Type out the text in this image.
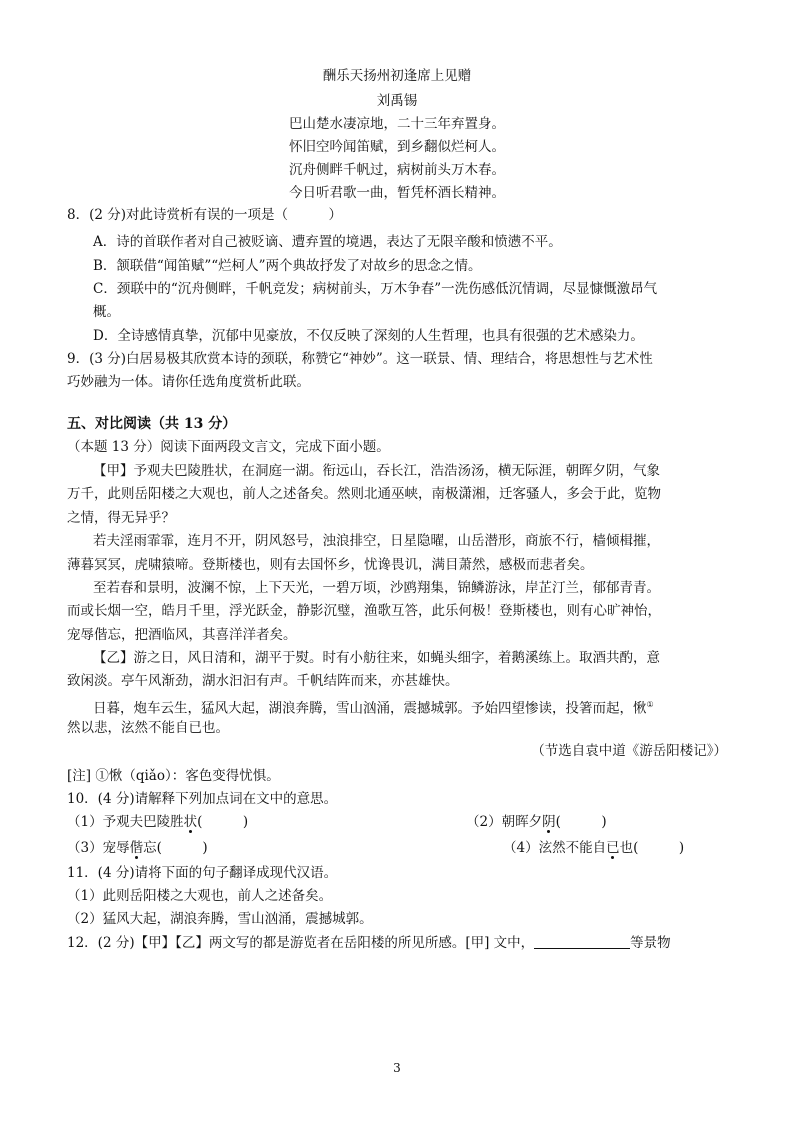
酬乐天扬州初逢席上见赠
刘禹锡
巴山楚水凄凉地，二十三年弃置身。
怀旧空吟闻笛赋，到乡翻似烂柯人。
沉舟侧畔千帆过，病树前头万木春。
今日听君歌一曲，暂凭杯酒长精神。
8．(2 分)对此诗赏析有误的一项是（　　　）
A．诗的首联作者对自己被贬谪、遭弃置的境遇，表达了无限辛酸和愤懑不平。
B．颔联借“闻笛赋”“烂柯人”两个典故抒发了对故乡的思念之情。
C．颈联中的“沉舟侧畔，千帆竞发；病树前头，万木争春”一洗伤感低沉情调，尽显慷慨激昂气
概。
D．全诗感情真挚，沉郁中见豪放，不仅反映了深刻的人生哲理，也具有很强的艺术感染力。
9．(3 分)白居易极其欣赏本诗的颈联，称赞它“神妙”。这一联景、情、理结合，将思想性与艺术性
巧妙融为一体。请你任选角度赏析此联。
五、对比阅读（共 13 分）
（本题 13 分）阅读下面两段文言文，完成下面小题。
【甲】予观夫巴陵胜状，在洞庭一湖。衔远山，吞长江，浩浩汤汤，横无际涯，朝晖夕阴，气象
万千，此则岳阳楼之大观也，前人之述备矣。然则北通巫峡，南极潇湘，迁客骚人，多会于此，览物
之情，得无异乎？
若夫淫雨霏霏，连月不开，阴风怒号，浊浪排空，日星隐曜，山岳潜形，商旅不行，樯倾楫摧，
薄暮冥冥，虎啸猿啼。登斯楼也，则有去国怀乡，忧谗畏讥，满目萧然，感极而悲者矣。
至若春和景明，波澜不惊，上下天光，一碧万顷，沙鸥翔集，锦鳞游泳，岸芷汀兰，郁郁青青。
而或长烟一空，皓月千里，浮光跃金，静影沉璧，渔歌互答，此乐何极！登斯楼也，则有心旷神怡，
宠辱偕忘，把酒临风，其喜洋洋者矣。
【乙】游之日，风日清和，湖平于熨。时有小舫往来，如蝇头细字，着鹅溪练上。取酒共酌，意
致闲淡。亭午风渐劲，湖水汩汩有声。千帆结阵而来，亦甚雄快。
日暮，炮车云生，猛风大起，湖浪奔腾，雪山汹涌，震撼城郭。予始四望惨读，投箸而起，愀①
然以悲，泫然不能自已也。
（节选自袁中道《游岳阳楼记》）
[注] ①愀（qiǎo）：客色变得忧惧。
10．(4 分)请解释下列加点词在文中的意思。
（1）予观夫巴陵胜状(　　　)	（2）朝晖夕阴(　　　)
（3）宠辱偕忘(　　　)	（4）泫然不能自已也(　　　)
11．(4 分)请将下面的句子翻译成现代汉语。
（1）此则岳阳楼之大观也，前人之述备矣。
（2）猛风大起，湖浪奔腾，雪山汹涌，震撼城郭。
12．(2 分)【甲】【乙】两文写的都是游览者在岳阳楼的所见所感。[甲] 文中，	等景物
3
